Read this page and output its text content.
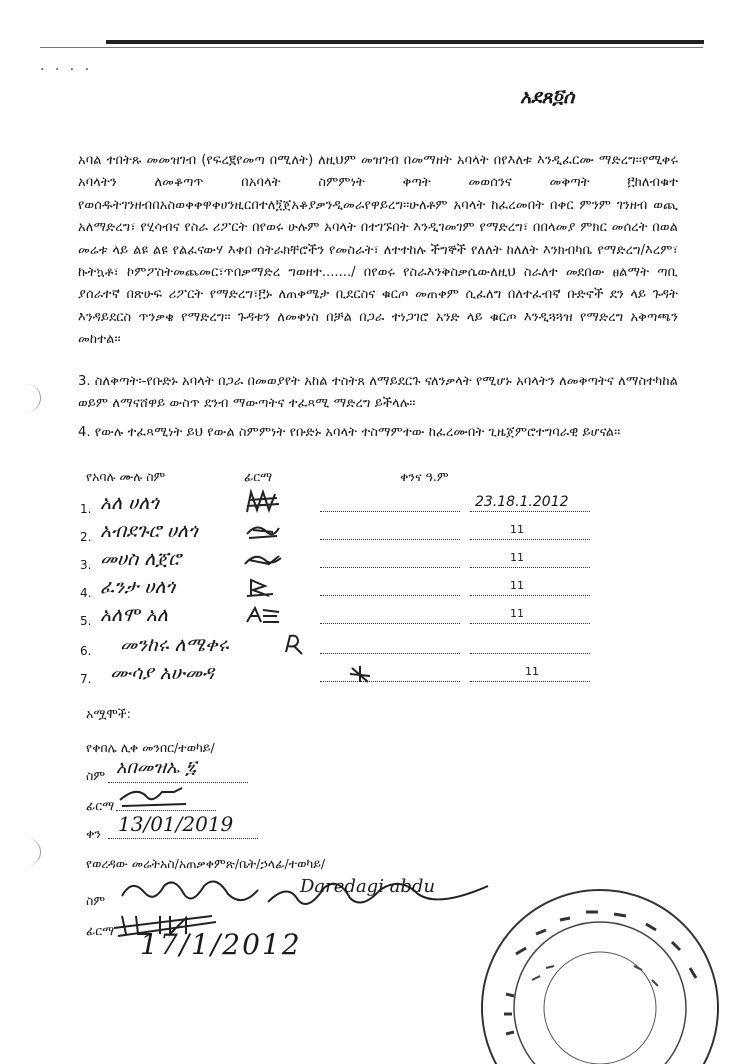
· · · ·
አደጸ፬ሰ
አባል ተበትጹ መመዝገብ (የፍረ፪የመጣ በሚለት) ለዚህም መዝገብ በመማዘት አባላት በየእለቱ እንዲፈርሙ ማድረግ፡፡የሚቀሩ አባላትን ለመቆጣጥ በአባላት ስምምነት ቅጣት መወሰንና መቅጣት ፫ከለብቁተ የወሰዱትገንዘብበአስወቀቀዋቀሀንዚርበተለ፺ጀአቆያቃንዲመራየዋይረግ፡፡ሁለቶም አባላት ከፈረመበት በቀር ምንም ገንዘብ ወጪ አለማድረግ፣ የሂሳብና የስራ ሪፖርት በየወሩ ሁሉም አባላት በተገኙበት እንዲገመገም የማድረግ፣ በበላመያ ምክር መሰረት በወል መሬቱ ላይ ልዩ ልዩ የልፈናውሃ እቀበ ሰትራክቸሮችን የመስራት፣ ለተተከሉ ችግኞች የለለት ከለለት እንክብካቤ የማድረግ/እረም፣ ኩትኳቶ፣ ኮምፖስትመጨመር፣ጥበቃማድረ ግወዘተ......./ በየወሩ የስራእንቅስቃሴውለዚህ ስራለተ መደበው ፀልማት ጣቢ ያሰራተኛ በጽሁፍ ሪፖርት የማድረግ፣፫ኑ ለጠቀሜታ ቢደርስና ቁርጦ መጠቀም ሲፈለግ በለተፈብኛ ቡድኖች ደን ላይ ጉዳት እንዳይደርስ ጥንቃቄ የማድረግ፡፡ ጉዳቱን ለመቀነስ በቻል በጋራ ተነጋገሮ አንድ ላይ ቁርጦ እንዲጓጓዝ የማድረግ አቅጣጫን መከተል፡፡
3. ስለቅጣት፡-የቡድኑ አባላት በጋራ በመወያየት አከል ተስትጸ ለማይደርጉ ናለንቃላት የሚሆኑ አባላትን ለመቅጣትና ለማስተካከል ወይም ለማናሸዋይ ውስጥ ደንብ ማውጣትና ተፈጻሚ ማድረግ ይችላሉ፡፡
4. የውሉ ተፈጻሚነት ይህ የውል ስምምነት የቡድኑ አባላት ተስማምተው ከፈረሙበት ጊዜጀምሮተግባራዊ ይሆናል፡፡
የአባሉ ሙሉ ስም	ፊርማ	ቀንና ዓ.ም
1. አለ ሀለጎ	23.18.1.2012
2. አብደጉሮ ሀለጎ	11
3. መሀስ ለጀሮ	11
4. ፈንታ ሀለጎ	11
5. አለሞ አለ	11
6. መንከሩ ለሜቀሩ
7. ሙሳያ አሁመዳ	11
አሟሞች:
የቀበሌ ሊቀ መንበር/ተወካይ/
ስም አበመዝኤ ፯
ፊርማ
ቀን 13/01/2019
የወረዳው መሬትአስ/አጠቃቀምጽ/ቤት/ኃላፊ/ተወካይ/
ስም
Daredagi abdu
ፊርማ 17/1/2012
